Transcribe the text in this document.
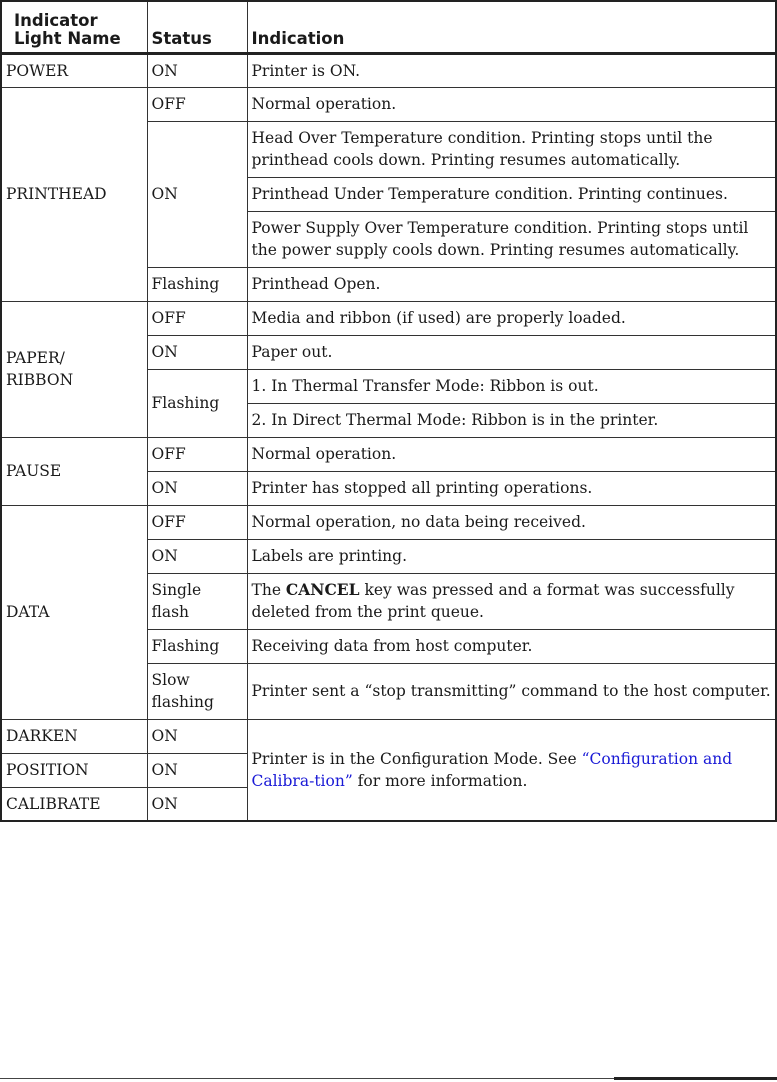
Indicator Light Name	Status	Indication
POWER	ON	Printer is ON.
PRINTHEAD	OFF	Normal operation.
	ON	Head Over Temperature condition. Printing stops until the printhead cools down. Printing resumes automatically.
		Printhead Under Temperature condition. Printing continues.
		Power Supply Over Temperature condition. Printing stops until the power supply cools down. Printing resumes automatically.
	Flashing	Printhead Open.

PAPER/ RIBBON	OFF	Media and ribbon (if used) are properly loaded.
	ON	Paper out.
	Flashing	1. In Thermal Transfer Mode: Ribbon is out.
		2. In Direct Thermal Mode: Ribbon is in the printer.
PAUSE	OFF	Normal operation.
	ON	Printer has stopped all printing operations.
DATA	OFF	Normal operation, no data being received.
	ON	Labels are printing.
	Single flash	The CANCEL key was pressed and a format was successfully deleted from the print queue.
	Flashing	Receiving data from host computer.

	Slow flashing	Printer sent a “stop transmitting” command to the host computer.
DARKEN	ON	Printer is in the Configuration Mode. See “Configuration and Calibra-tion” for more information.
POSITION	ON	
CALIBRATE	ON	
